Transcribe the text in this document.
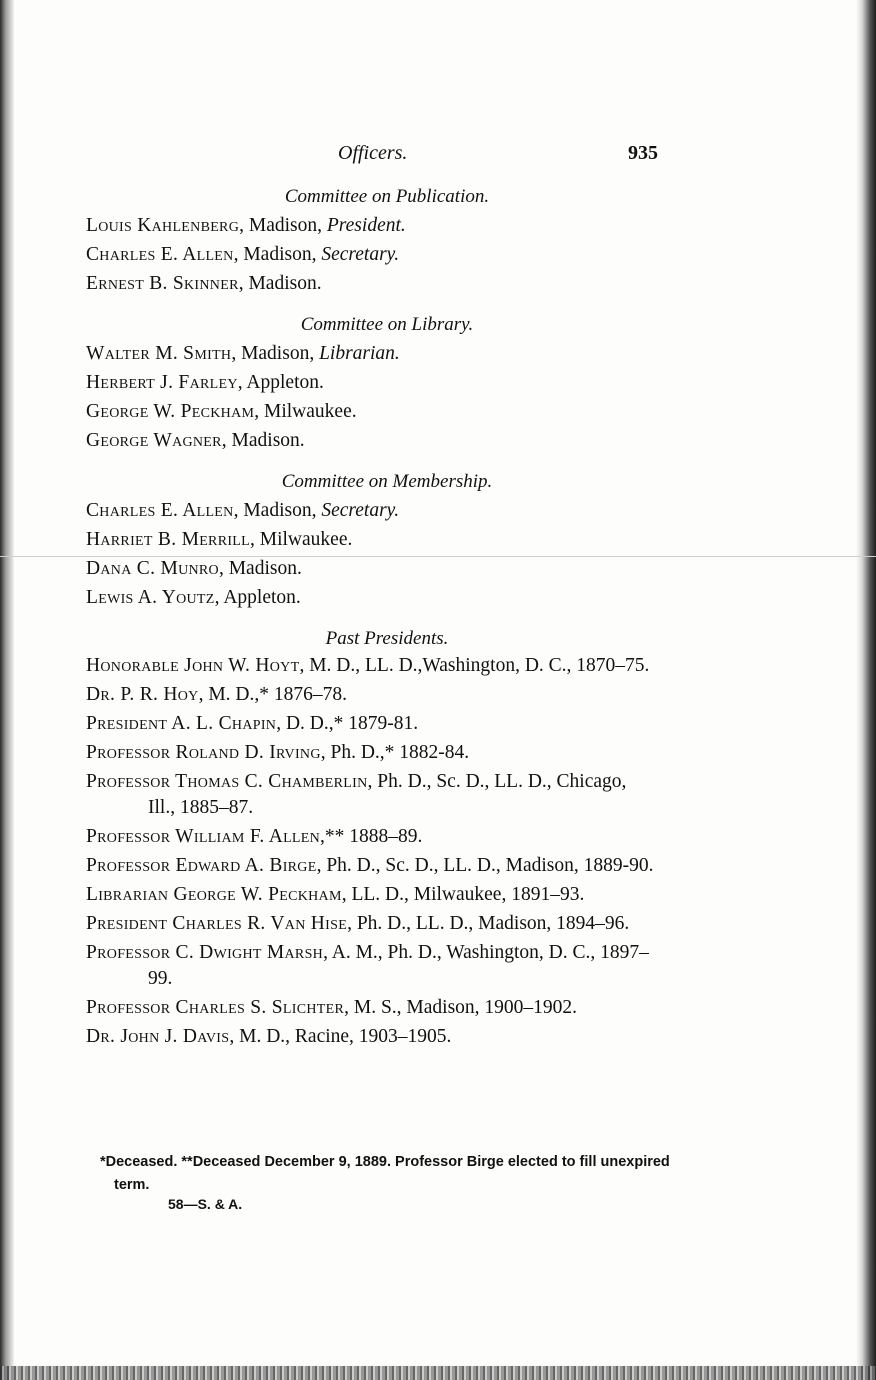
Officers.	935
Committee on Publication.
Louis Kahlenberg, Madison, President.
Charles E. Allen, Madison, Secretary.
Ernest B. Skinner, Madison.
Committee on Library.
Walter M. Smith, Madison, Librarian.
Herbert J. Farley, Appleton.
George W. Peckham, Milwaukee.
George Wagner, Madison.
Committee on Membership.
Charles E. Allen, Madison, Secretary.
Harriet B. Merrill, Milwaukee.
Dana C. Munro, Madison.
Lewis A. Youtz, Appleton.
Past Presidents.
Honorable John W. Hoyt, M. D., LL. D.,Washington, D. C., 1870–75.
Dr. P. R. Hoy, M. D.,* 1876–78.
President A. L. Chapin, D. D.,* 1879-81.
Professor Roland D. Irving, Ph. D.,* 1882-84.
Professor Thomas C. Chamberlin, Ph. D., Sc. D., LL. D., Chicago, Ill., 1885–87.
Professor William F. Allen,** 1888–89.
Professor Edward A. Birge, Ph. D., Sc. D., LL. D., Madison, 1889-90.
Librarian George W. Peckham, LL. D., Milwaukee, 1891–93.
President Charles R. Van Hise, Ph. D., LL. D., Madison, 1894–96.
Professor C. Dwight Marsh, A. M., Ph. D., Washington, D. C., 1897–99.
Professor Charles S. Slichter, M. S., Madison, 1900–1902.
Dr. John J. Davis, M. D., Racine, 1903–1905.
*Deceased. **Deceased December 9, 1889. Professor Birge elected to fill unexpired term.
58—S. & A.
